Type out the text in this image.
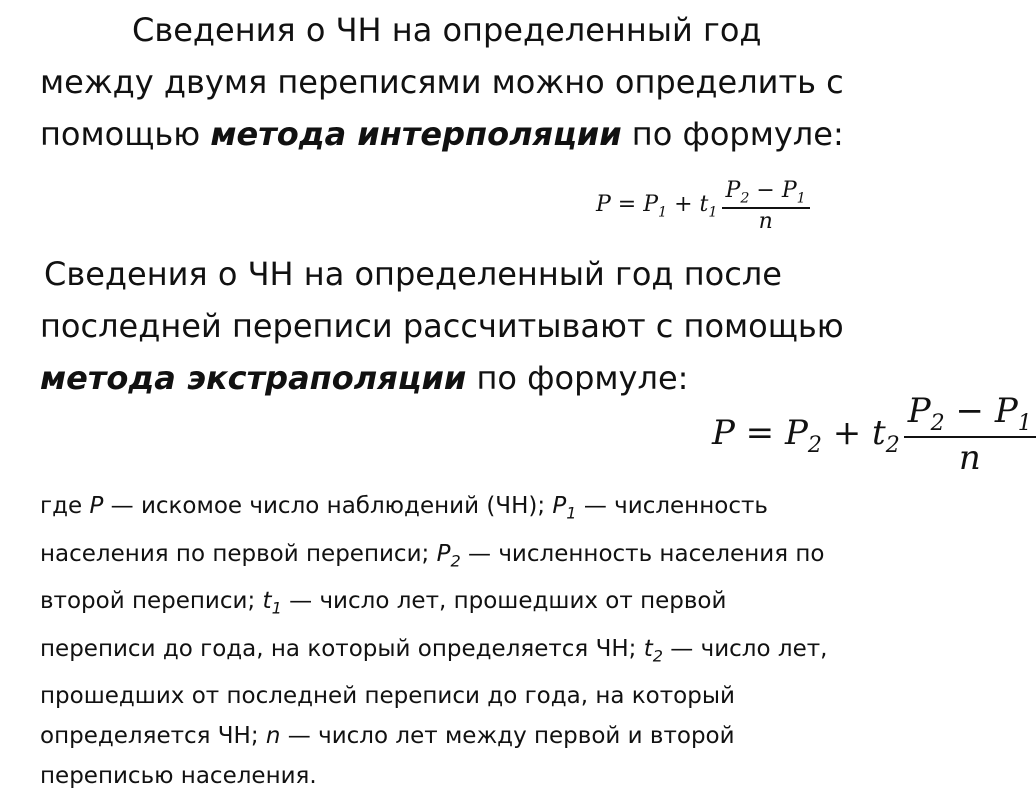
Сведения о ЧН на определенный год
между двумя переписями можно определить с
помощью метода интерполяции по формуле:
$P = P_1 + t_1 \frac{P_2 - P_1}{n}$
Сведения о ЧН на определенный год после
последней переписи рассчитывают с помощью
метода экстраполяции по формуле:
$P = P_2 + t_2 \frac{P_2 - P_1}{n}$
где P — искомое число наблюдений (ЧН); $P_1$ — численность
населения по первой переписи; $P_2$ — численность населения по
второй переписи; $t_1$ — число лет, прошедших от первой
переписи до года, на который определяется ЧН; $t_2$ — число лет,
прошедших от последней переписи до года, на который
определяется ЧН; n — число лет между первой и второй
переписью населения.
